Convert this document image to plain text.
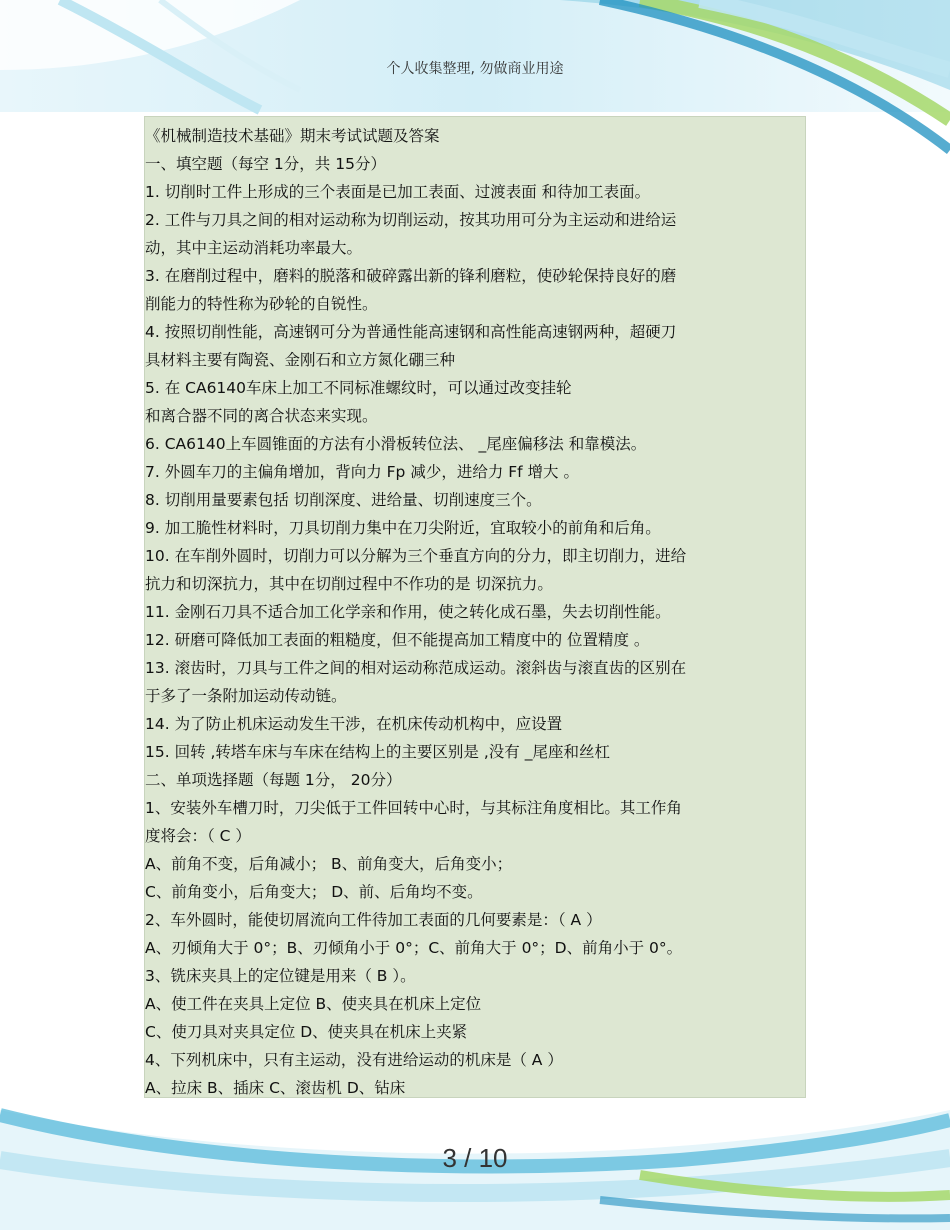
个人收集整理, 勿做商业用途
《机械制造技术基础》期末考试试题及答案
一、填空题（每空 1分，共 15分）
1. 切削时工件上形成的三个表面是已加工表面、过渡表面 和待加工表面。
2. 工件与刀具之间的相对运动称为切削运动，按其功用可分为主运动和进给运
动，其中主运动消耗功率最大。
3. 在磨削过程中，磨料的脱落和破碎露出新的锋利磨粒，使砂轮保持良好的磨
削能力的特性称为砂轮的自锐性。
4. 按照切削性能，高速钢可分为普通性能高速钢和高性能高速钢两种，超硬刀
具材料主要有陶瓷、金刚石和立方氮化硼三种
5. 在 CA6140车床上加工不同标准螺纹时，可以通过改变挂轮
和离合器不同的离合状态来实现。
6. CA6140上车圆锥面的方法有小滑板转位法、 _尾座偏移法 和靠模法。
7. 外圆车刀的主偏角增加，背向力 Fp 减少，进给力 Ff 增大 。
8. 切削用量要素包括 切削深度、进给量、切削速度三个。
9. 加工脆性材料时，刀具切削力集中在刀尖附近，宜取较小的前角和后角。
10. 在车削外圆时，切削力可以分解为三个垂直方向的分力，即主切削力，进给
抗力和切深抗力，其中在切削过程中不作功的是 切深抗力。
11. 金刚石刀具不适合加工化学亲和作用，使之转化成石墨，失去切削性能。
12. 研磨可降低加工表面的粗糙度，但不能提高加工精度中的 位置精度 。
13. 滚齿时，刀具与工件之间的相对运动称范成运动。滚斜齿与滚直齿的区别在
于多了一条附加运动传动链。
14. 为了防止机床运动发生干涉，在机床传动机构中，应设置
15. 回转 ,转塔车床与车床在结构上的主要区别是 ,没有 _尾座和丝杠
二、单项选择题（每题 1分， 20分）
1、安装外车槽刀时，刀尖低于工件回转中心时，与其标注角度相比。其工作角
度将会：（ C ）
A、前角不变，后角减小； B、前角变大，后角变小；
C、前角变小，后角变大； D、前、后角均不变。
2、车外圆时，能使切屑流向工件待加工表面的几何要素是：（ A ）
A、刃倾角大于 0°；B、刃倾角小于 0°；C、前角大于 0°；D、前角小于 0°。
3、铣床夹具上的定位键是用来（ B ）。
A、使工件在夹具上定位 B、使夹具在机床上定位
C、使刀具对夹具定位 D、使夹具在机床上夹紧
4、下列机床中，只有主运动，没有进给运动的机床是（ A ）
A、拉床 B、插床 C、滚齿机 D、钻床
3 / 10
